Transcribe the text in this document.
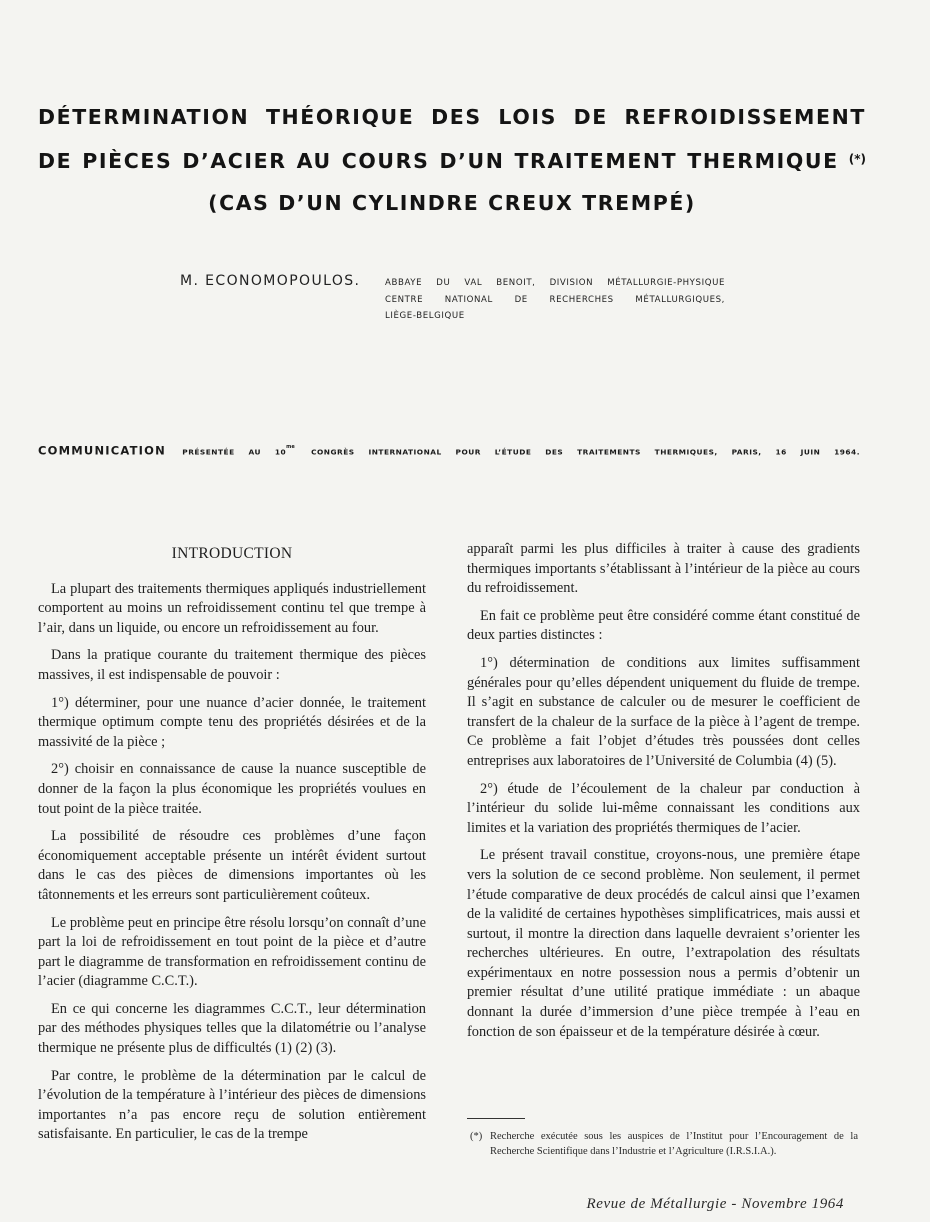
DÉTERMINATION THÉORIQUE DES LOIS DE REFROIDISSEMENT
DE PIÈCES D’ACIER AU COURS D’UN TRAITEMENT THERMIQUE (*)
(CAS D’UN CYLINDRE CREUX TREMPÉ)
M. ECONOMOPOULOS.	ABBAYE DU VAL BENOIT, DIVISION MÉTALLURGIE-PHYSIQUE
CENTRE NATIONAL DE RECHERCHES MÉTALLURGIQUES,
LIÈGE-BELGIQUE
COMMUNICATION PRÉSENTÉE AU $10^{me}$ CONGRÈS INTERNATIONAL POUR L’ÉTUDE DES TRAITEMENTS THERMIQUES, PARIS, 16 JUIN 1964.
INTRODUCTION

La plupart des traitements thermiques appliqués industriellement comportent au moins un refroidissement continu tel que trempe à l’air, dans un liquide, ou encore un refroidissement au four.

Dans la pratique courante du traitement thermique des pièces massives, il est indispensable de pouvoir :

1°) déterminer, pour une nuance d’acier donnée, le traitement thermique optimum compte tenu des propriétés désirées et de la massivité de la pièce ;

2°) choisir en connaissance de cause la nuance susceptible de donner de la façon la plus économique les propriétés voulues en tout point de la pièce traitée.

La possibilité de résoudre ces problèmes d’une façon économiquement acceptable présente un intérêt évident surtout dans le cas des pièces de dimensions importantes où les tâtonnements et les erreurs sont particulièrement coûteux.

Le problème peut en principe être résolu lorsqu’on connaît d’une part la loi de refroidissement en tout point de la pièce et d’autre part le diagramme de transformation en refroidissement continu de l’acier (diagramme C.C.T.).

En ce qui concerne les diagrammes C.C.T., leur détermination par des méthodes physiques telles que la dilatométrie ou l’analyse thermique ne présente plus de difficultés (1) (2) (3).

Par contre, le problème de la détermination par le calcul de l’évolution de la température à l’intérieur des pièces de dimensions importantes n’a pas encore reçu de solution entièrement satisfaisante. En particulier, le cas de la trempe

apparaît parmi les plus difficiles à traiter à cause des gradients thermiques importants s’établissant à l’intérieur de la pièce au cours du refroidissement.

En fait ce problème peut être considéré comme étant constitué de deux parties distinctes :

1°) détermination de conditions aux limites suffisamment générales pour qu’elles dépendent uniquement du fluide de trempe. Il s’agit en substance de calculer ou de mesurer le coefficient de transfert de la chaleur de la surface de la pièce à l’agent de trempe. Ce problème a fait l’objet d’études très poussées dont celles entreprises aux laboratoires de l’Université de Columbia (4) (5).

2°) étude de l’écoulement de la chaleur par conduction à l’intérieur du solide lui-même connaissant les conditions aux limites et la variation des propriétés thermiques de l’acier.

Le présent travail constitue, croyons-nous, une première étape vers la solution de ce second problème. Non seulement, il permet l’étude comparative de deux procédés de calcul ainsi que l’examen de la validité de certaines hypothèses simplificatrices, mais aussi et surtout, il montre la direction dans laquelle devraient s’orienter les recherches ultérieures. En outre, l’extrapolation des résultats expérimentaux en notre possession nous a permis d’obtenir un premier résultat d’une utilité pratique immédiate : un abaque donnant la durée d’immersion d’une pièce trempée à l’eau en fonction de son épaisseur et de la température désirée à cœur.

(*) Recherche exécutée sous les auspices de l’Institut pour l’Encouragement de la Recherche Scientifique dans l’Industrie et l’Agriculture (I.R.S.I.A.).
Revue de Métallurgie - Novembre 1964
